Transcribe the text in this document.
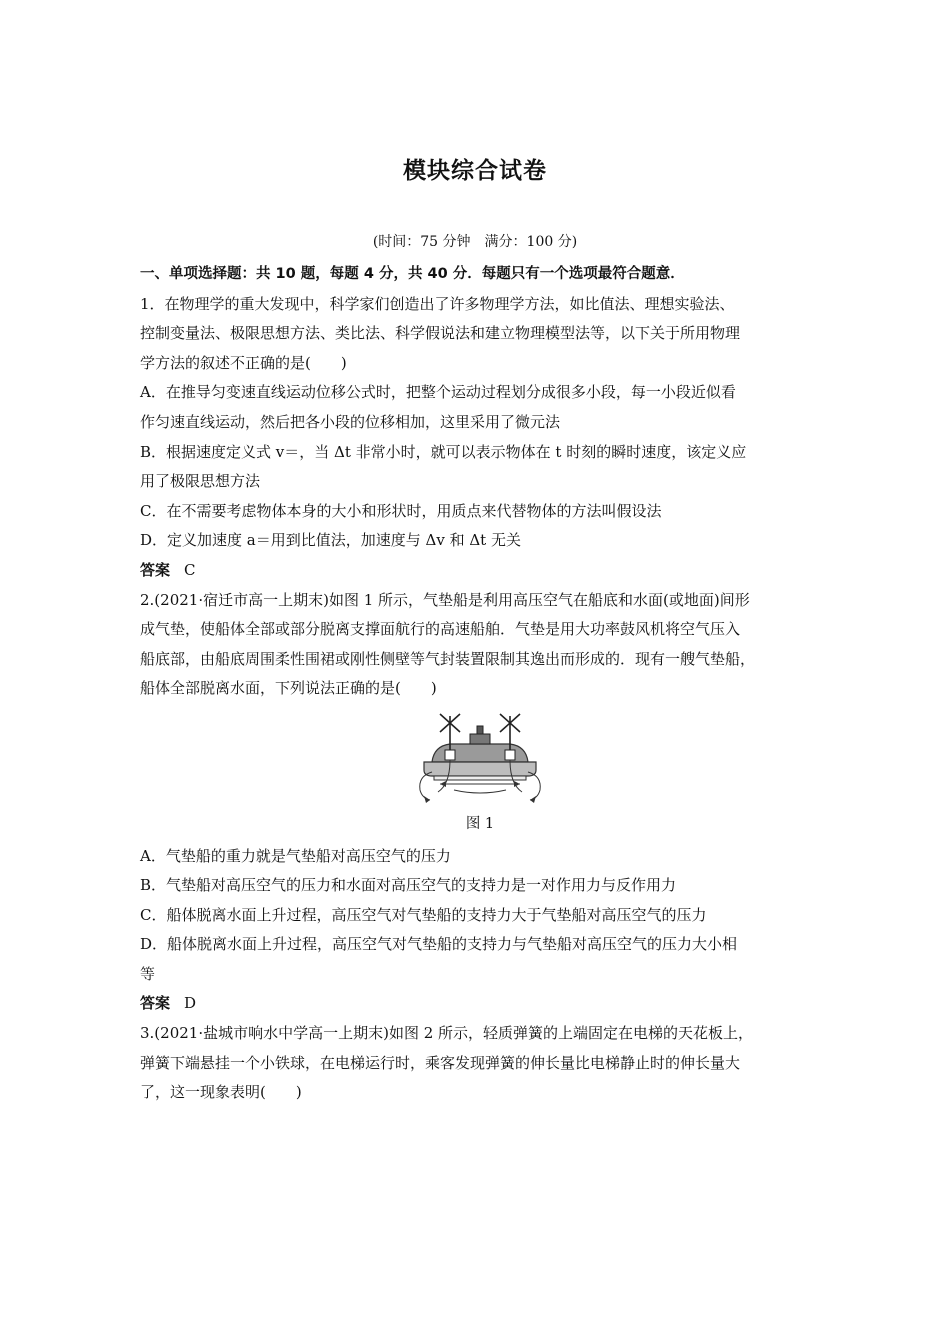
模块综合试卷
(时间：75 分钟　满分：100 分)
一、单项选择题：共 10 题，每题 4 分，共 40 分．每题只有一个选项最符合题意．
1．在物理学的重大发现中，科学家们创造出了许多物理学方法，如比值法、理想实验法、
控制变量法、极限思想方法、类比法、科学假说法和建立物理模型法等，以下关于所用物理
学方法的叙述不正确的是(　　)
A．在推导匀变速直线运动位移公式时，把整个运动过程划分成很多小段，每一小段近似看
作匀速直线运动，然后把各小段的位移相加，这里采用了微元法
B．根据速度定义式 v＝，当 Δt 非常小时，就可以表示物体在 t 时刻的瞬时速度，该定义应
用了极限思想方法
C．在不需要考虑物体本身的大小和形状时，用质点来代替物体的方法叫假设法
D．定义加速度 a＝用到比值法，加速度与 Δv 和 Δt 无关
答案 C
2.(2021·宿迁市高一上期末)如图 1 所示，气垫船是利用高压空气在船底和水面(或地面)间形
成气垫，使船体全部或部分脱离支撑面航行的高速船舶．气垫是用大功率鼓风机将空气压入
船底部，由船底周围柔性围裙或刚性侧壁等气封装置限制其逸出而形成的．现有一艘气垫船，
船体全部脱离水面，下列说法正确的是(　　)
图 1
A．气垫船的重力就是气垫船对高压空气的压力
B．气垫船对高压空气的压力和水面对高压空气的支持力是一对作用力与反作用力
C．船体脱离水面上升过程，高压空气对气垫船的支持力大于气垫船对高压空气的压力
D．船体脱离水面上升过程，高压空气对气垫船的支持力与气垫船对高压空气的压力大小相
等
答案 D
3.(2021·盐城市响水中学高一上期末)如图 2 所示，轻质弹簧的上端固定在电梯的天花板上，
弹簧下端悬挂一个小铁球，在电梯运行时，乘客发现弹簧的伸长量比电梯静止时的伸长量大
了，这一现象表明(　　)
